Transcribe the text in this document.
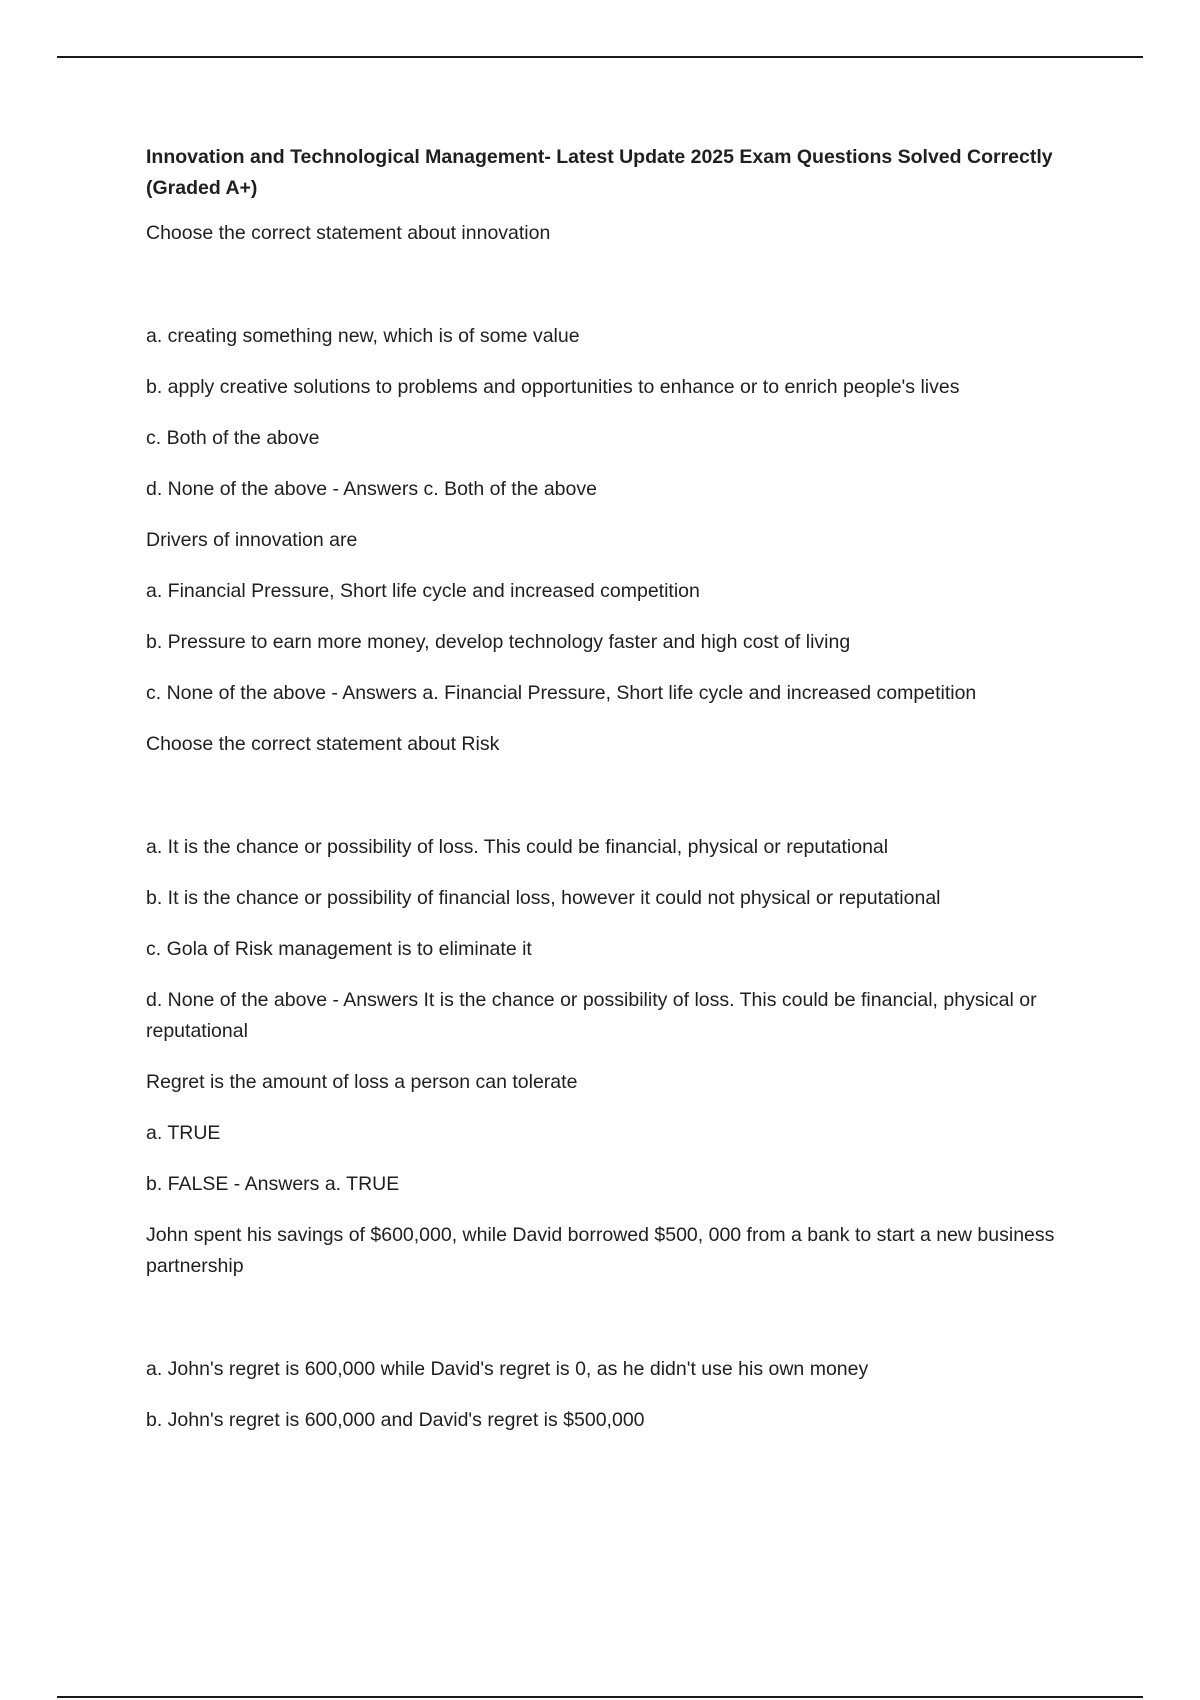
Innovation and Technological Management- Latest Update 2025 Exam Questions Solved Correctly (Graded A+)
Choose the correct statement about innovation
a. creating something new, which is of some value
b. apply creative solutions to problems and opportunities to enhance or to enrich people's lives
c. Both of the above
d. None of the above - Answers c. Both of the above
Drivers of innovation are
a. Financial Pressure, Short life cycle and increased competition
b. Pressure to earn more money, develop technology faster and high cost of living
c. None of the above - Answers a. Financial Pressure, Short life cycle and increased competition
Choose the correct statement about Risk
a. It is the chance or possibility of loss. This could be financial, physical or reputational
b. It is the chance or possibility of financial loss, however it could not physical or reputational
c. Gola of Risk management is to eliminate it
d. None of the above - Answers It is the chance or possibility of loss. This could be financial, physical or reputational
Regret is the amount of loss a person can tolerate
a. TRUE
b. FALSE - Answers a. TRUE
John spent his savings of $600,000, while David borrowed $500, 000 from a bank to start a new business partnership
a. John's regret is 600,000 while David's regret is 0, as he didn't use his own money
b. John's regret is 600,000 and David's regret is $500,000
